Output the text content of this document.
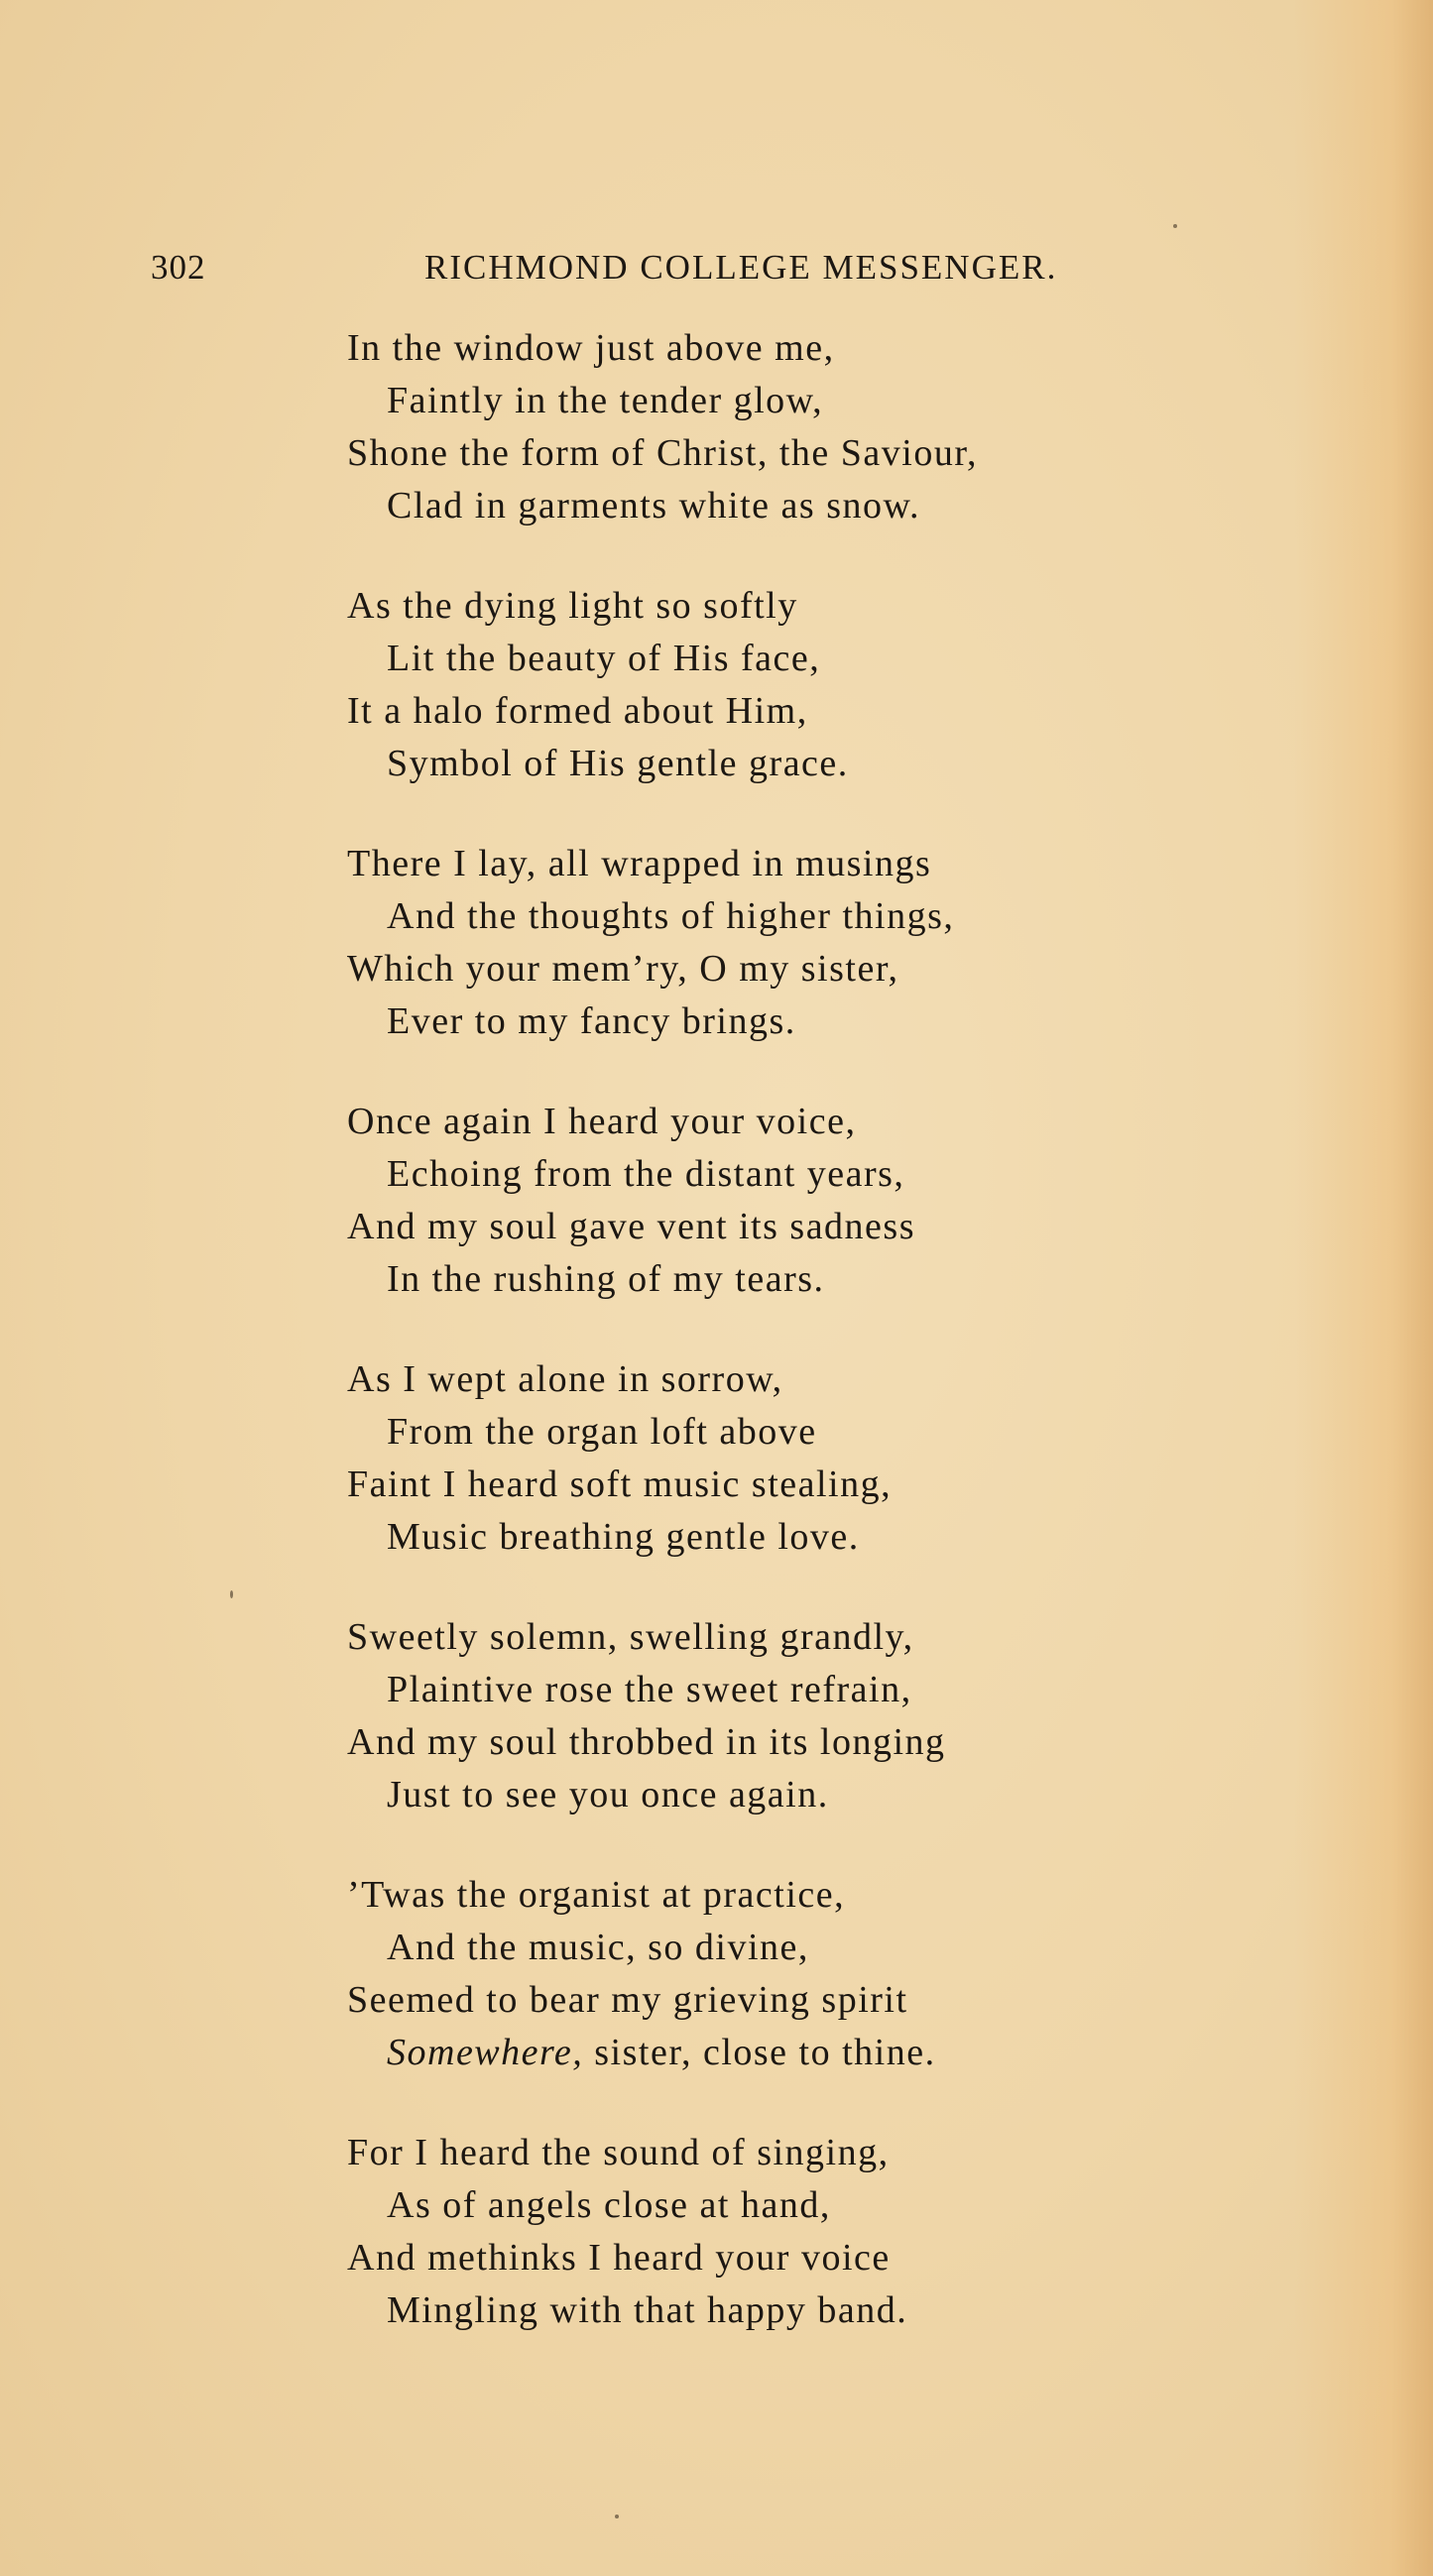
302	RICHMOND COLLEGE MESSENGER.
In the window just above me,
Faintly in the tender glow,
Shone the form of Christ, the Saviour,
Clad in garments white as snow.
As the dying light so softly
Lit the beauty of His face,
It a halo formed about Him,
Symbol of His gentle grace.
There I lay, all wrapped in musings
And the thoughts of higher things,
Which your mem’ry, O my sister,
Ever to my fancy brings.
Once again I heard your voice,
Echoing from the distant years,
And my soul gave vent its sadness
In the rushing of my tears.
As I wept alone in sorrow,
From the organ loft above
Faint I heard soft music stealing,
Music breathing gentle love.
Sweetly solemn, swelling grandly,
Plaintive rose the sweet refrain,
And my soul throbbed in its longing
Just to see you once again.
’Twas the organist at practice,
And the music, so divine,
Seemed to bear my grieving spirit
Somewhere, sister, close to thine.
For I heard the sound of singing,
As of angels close at hand,
And methinks I heard your voice
Mingling with that happy band.
